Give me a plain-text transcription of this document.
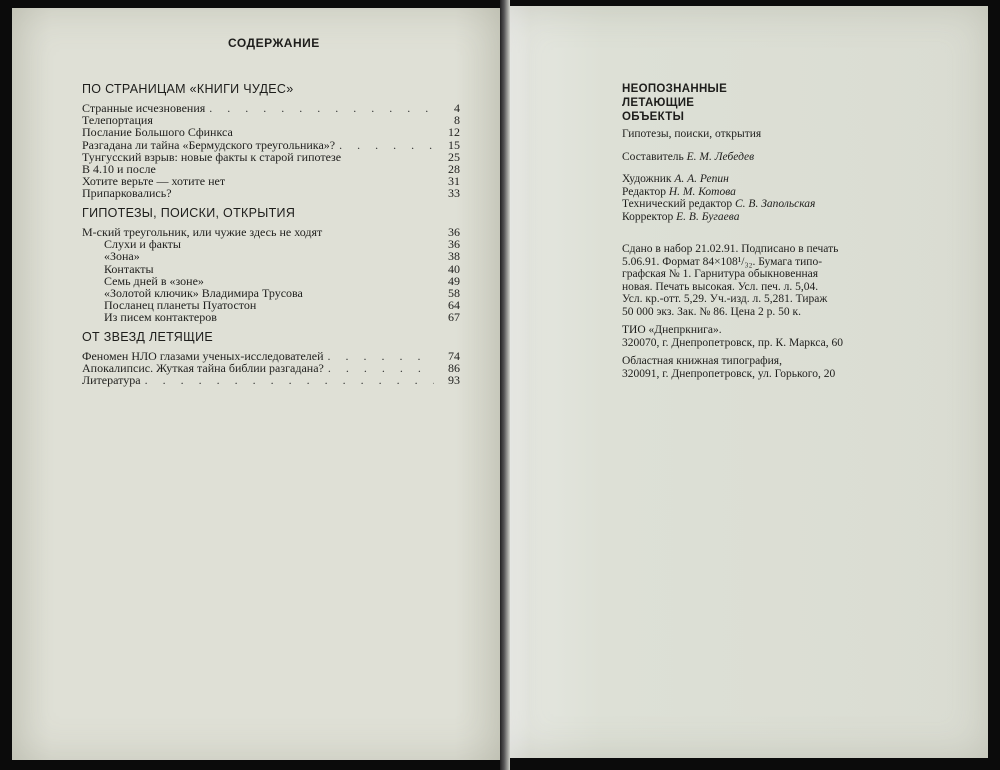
СОДЕРЖАНИЕ
ПО СТРАНИЦАМ «КНИГИ ЧУДЕС»
Странные исчезновения . . .	4
Телепортация	8
Послание Большого Сфинкса	12
Разгадана ли тайна «Бермудского треугольника»? . . .	15
Тунгусский взрыв: новые факты к старой гипотезе	25
В 4.10 и после	28
Хотите верьте — хотите нет	31
Припарковались?	33
ГИПОТЕЗЫ, ПОИСКИ, ОТКРЫТИЯ
М-ский треугольник, или чужие здесь не ходят	36
Слухи и факты	36
«Зона»	38
Контакты	40
Семь дней в «зоне»	49
«Золотой ключик» Владимира Трусова	58
Посланец планеты Пуатостон	64
Из писем контактеров	67
ОТ ЗВЕЗД ЛЕТЯЩИЕ
Феномен НЛО глазами ученых-исследователей . . .	74
Апокалипсис. Жуткая тайна библии разгадана? . . .	86
Литература . . .	93

НЕОПОЗНАННЫЕ

ЛЕТАЮЩИЕ

ОБЪЕКТЫ

Гипотезы, поиски, открытия

Составитель Е. М. Лебедев

Художник А. А. Репин

Редактор Н. М. Котова

Технический редактор С. В. Запольская

Корректор Е. В. Бугаева

Сдано в набор 21.02.91. Подписано в печать

5.06.91. Формат 84×108¹/₃₂. Бумага типо-

графская № 1. Гарнитура обыкновенная

новая. Печать высокая. Усл. печ. л. 5,04.

Усл. кр.-отт. 5,29. Уч.-изд. л. 5,281. Тираж

50 000 экз. Зак. № 86. Цена 2 р. 50 к.

ТИО «Днепркнига».

320070, г. Днепропетровск, пр. К. Маркса, 60

Областная книжная типография,

320091, г. Днепропетровск, ул. Горького, 20
